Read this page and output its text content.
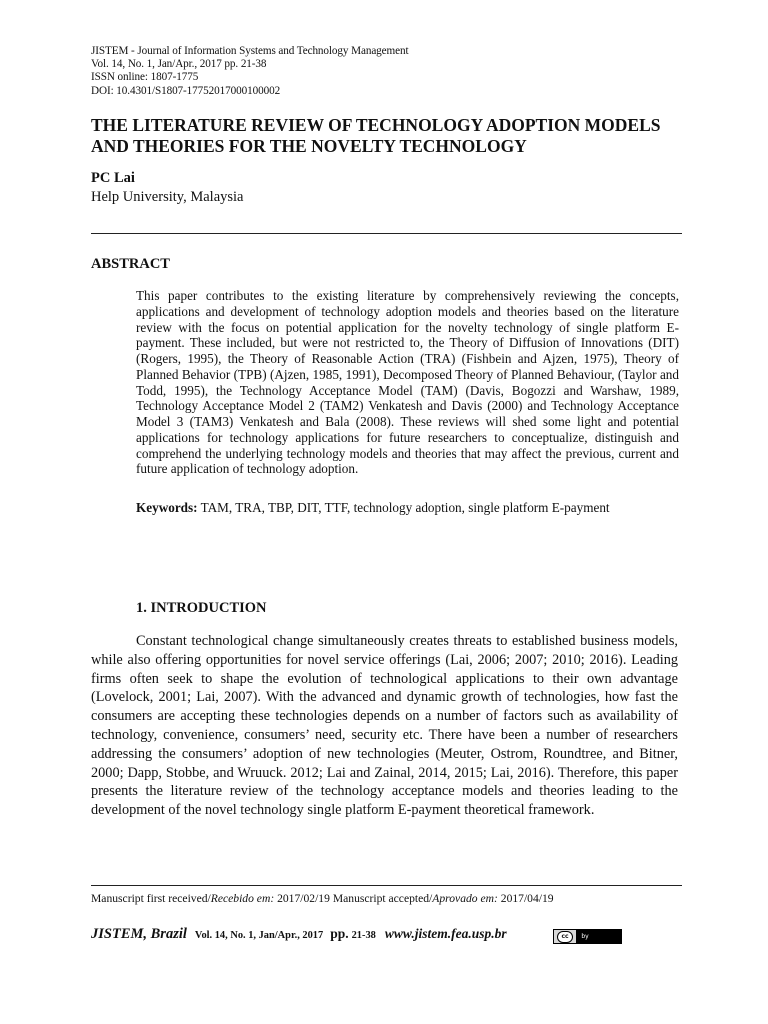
JISTEM - Journal of Information Systems and Technology Management
Vol. 14, No. 1, Jan/Apr., 2017 pp. 21-38
ISSN online: 1807-1775
DOI: 10.4301/S1807-17752017000100002
THE LITERATURE REVIEW OF TECHNOLOGY ADOPTION MODELS AND THEORIES FOR THE NOVELTY TECHNOLOGY
PC Lai
Help University, Malaysia
ABSTRACT

This paper contributes to the existing literature by comprehensively reviewing the concepts, applications and development of technology adoption models and theories based on the literature review with the focus on potential application for the novelty technology of single platform E-payment. These included, but were not restricted to, the Theory of Diffusion of Innovations (DIT) (Rogers, 1995), the Theory of Reasonable Action (TRA) (Fishbein and Ajzen, 1975), Theory of Planned Behavior (TPB) (Ajzen, 1985, 1991), Decomposed Theory of Planned Behaviour, (Taylor and Todd, 1995), the Technology Acceptance Model (TAM) (Davis, Bogozzi and Warshaw, 1989, Technology Acceptance Model 2 (TAM2) Venkatesh and Davis (2000) and Technology Acceptance Model 3 (TAM3) Venkatesh and Bala (2008). These reviews will shed some light and potential applications for technology applications for future researchers to conceptualize, distinguish and comprehend the underlying technology models and theories that may affect the previous, current and future application of technology adoption.

Keywords: TAM, TRA, TBP, DIT, TTF, technology adoption, single platform E-payment
1. INTRODUCTION

Constant technological change simultaneously creates threats to established business models, while also offering opportunities for novel service offerings (Lai, 2006; 2007; 2010; 2016). Leading firms often seek to shape the evolution of technological applications to their own advantage (Lovelock, 2001; Lai, 2007). With the advanced and dynamic growth of technologies, how fast the consumers are accepting these technologies depends on a number of factors such as availability of technology, convenience, consumers’ need, security etc. There have been a number of researchers addressing the consumers’ adoption of new technologies (Meuter, Ostrom, Roundtree, and Bitner, 2000; Dapp, Stobbe, and Wruuck. 2012; Lai and Zainal, 2014, 2015; Lai, 2016). Therefore, this paper presents the literature review of the technology acceptance models and theories leading to the development of the novel technology single platform E-payment theoretical framework.

Manuscript first received/Recebido em: 2017/02/19 Manuscript accepted/Aprovado em: 2017/04/19
JISTEM, Brazil Vol. 14, No. 1, Jan/Apr., 2017 pp. 21-38 www.jistem.fea.usp.br	cc	by
